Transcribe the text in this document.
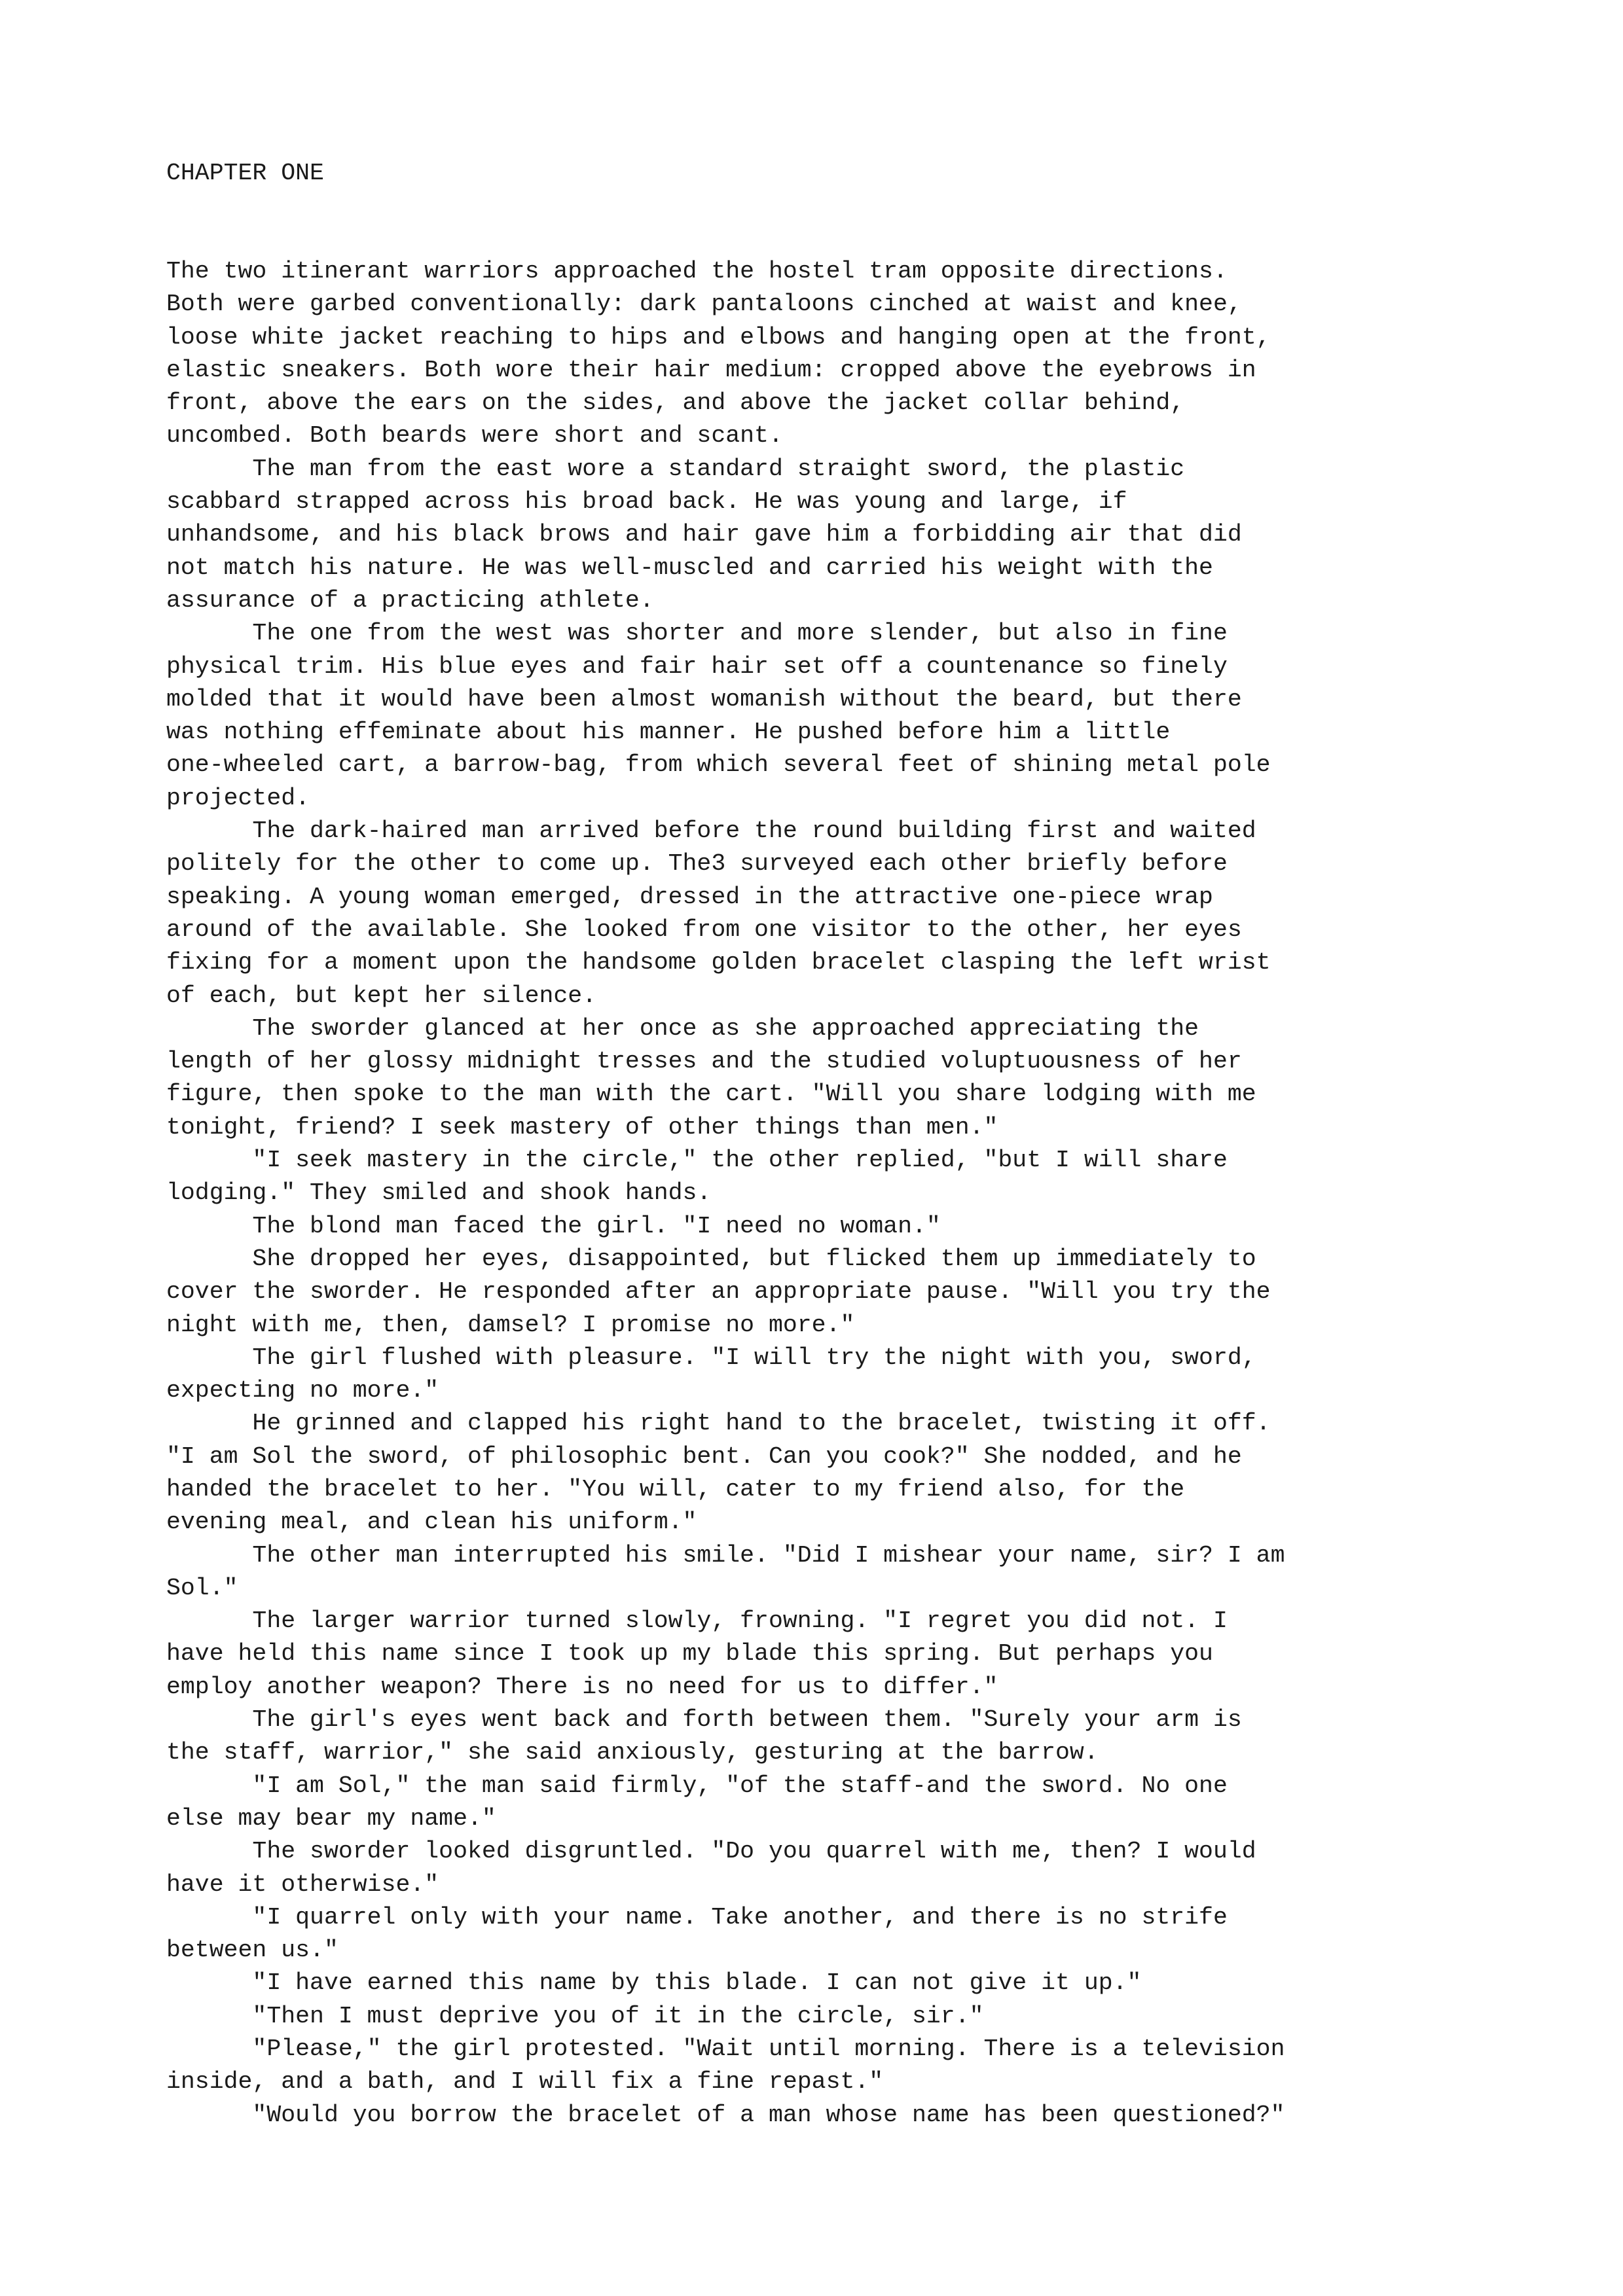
CHAPTER ONE
The two itinerant warriors approached the hostel tram opposite directions.
Both were garbed conventionally: dark pantaloons cinched at waist and knee,
loose white jacket reaching to hips and elbows and hanging open at the front,
elastic sneakers. Both wore their hair medium: cropped above the eyebrows in
front, above the ears on the sides, and above the jacket collar behind,
uncombed. Both beards were short and scant.
The man from the east wore a standard straight sword, the plastic
scabbard strapped across his broad back. He was young and large, if
unhandsome, and his black brows and hair gave him a forbidding air that did
not match his nature. He was well-muscled and carried his weight with the
assurance of a practicing athlete.
The one from the west was shorter and more slender, but also in fine
physical trim. His blue eyes and fair hair set off a countenance so finely
molded that it would have been almost womanish without the beard, but there
was nothing effeminate about his manner. He pushed before him a little
one-wheeled cart, a barrow-bag, from which several feet of shining metal pole
projected.
The dark-haired man arrived before the round building first and waited
politely for the other to come up. The3 surveyed each other briefly before
speaking. A young woman emerged, dressed in the attractive one-piece wrap
around of the available. She looked from one visitor to the other, her eyes
fixing for a moment upon the handsome golden bracelet clasping the left wrist
of each, but kept her silence.
The sworder glanced at her once as she approached appreciating the
length of her glossy midnight tresses and the studied voluptuousness of her
figure, then spoke to the man with the cart. "Will you share lodging with me
tonight, friend? I seek mastery of other things than men."
"I seek mastery in the circle," the other replied, "but I will share
lodging." They smiled and shook hands.
The blond man faced the girl. "I need no woman."
She dropped her eyes, disappointed, but flicked them up immediately to
cover the sworder. He responded after an appropriate pause. "Will you try the
night with me, then, damsel? I promise no more."
The girl flushed with pleasure. "I will try the night with you, sword,
expecting no more."
He grinned and clapped his right hand to the bracelet, twisting it off.
"I am Sol the sword, of philosophic bent. Can you cook?" She nodded, and he
handed the bracelet to her. "You will, cater to my friend also, for the
evening meal, and clean his uniform."
The other man interrupted his smile. "Did I mishear your name, sir? I am
Sol."
The larger warrior turned slowly, frowning. "I regret you did not. I
have held this name since I took up my blade this spring. But perhaps you
employ another weapon? There is no need for us to differ."
The girl's eyes went back and forth between them. "Surely your arm is
the staff, warrior," she said anxiously, gesturing at the barrow.
"I am Sol," the man said firmly, "of the staff-and the sword. No one
else may bear my name."
The sworder looked disgruntled. "Do you quarrel with me, then? I would
have it otherwise."
"I quarrel only with your name. Take another, and there is no strife
between us."
"I have earned this name by this blade. I can not give it up."
"Then I must deprive you of it in the circle, sir."
"Please," the girl protested. "Wait until morning. There is a television
inside, and a bath, and I will fix a fine repast."
"Would you borrow the bracelet of a man whose name has been questioned?"
